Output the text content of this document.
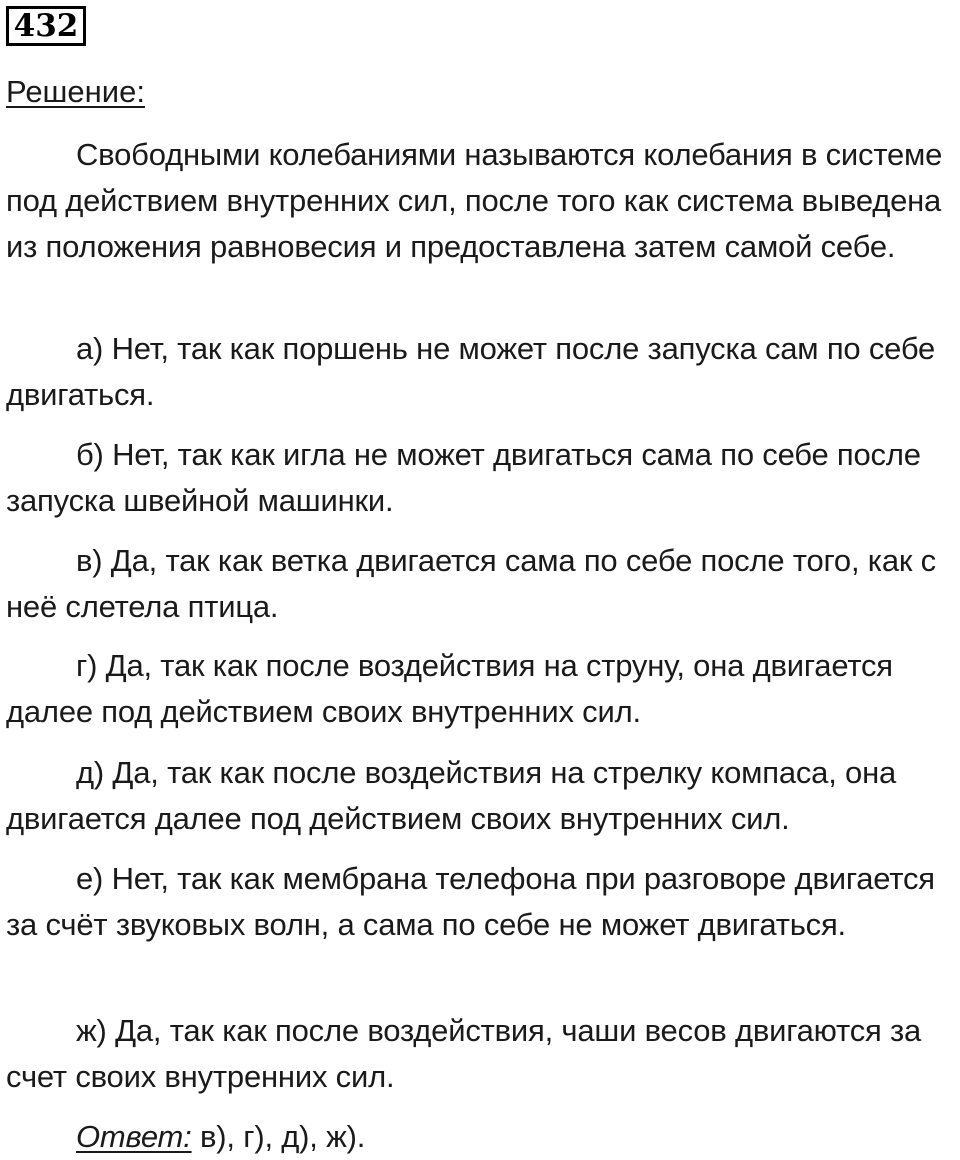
432
Решение:

Свободными колебаниями называются колебания в системе под действием внутренних сил, после того как система выведена из положения равновесия и предоставлена затем самой себе.

а) Нет, так как поршень не может после запуска сам по себе двигаться.

б) Нет, так как игла не может двигаться сама по себе после запуска швейной машинки.

в) Да, так как ветка двигается сама по себе после того, как с неё слетела птица.

г) Да, так как после воздействия на струну, она двигается далее под действием своих внутренних сил.

д) Да, так как после воздействия на стрелку компаса, она двигается далее под действием своих внутренних сил.

е) Нет, так как мембрана телефона при разговоре двигается за счёт звуковых волн, а сама по себе не может двигаться.

ж) Да, так как после воздействия, чаши весов двигаются за счет своих внутренних сил.

Ответ: в), г), д), ж).
